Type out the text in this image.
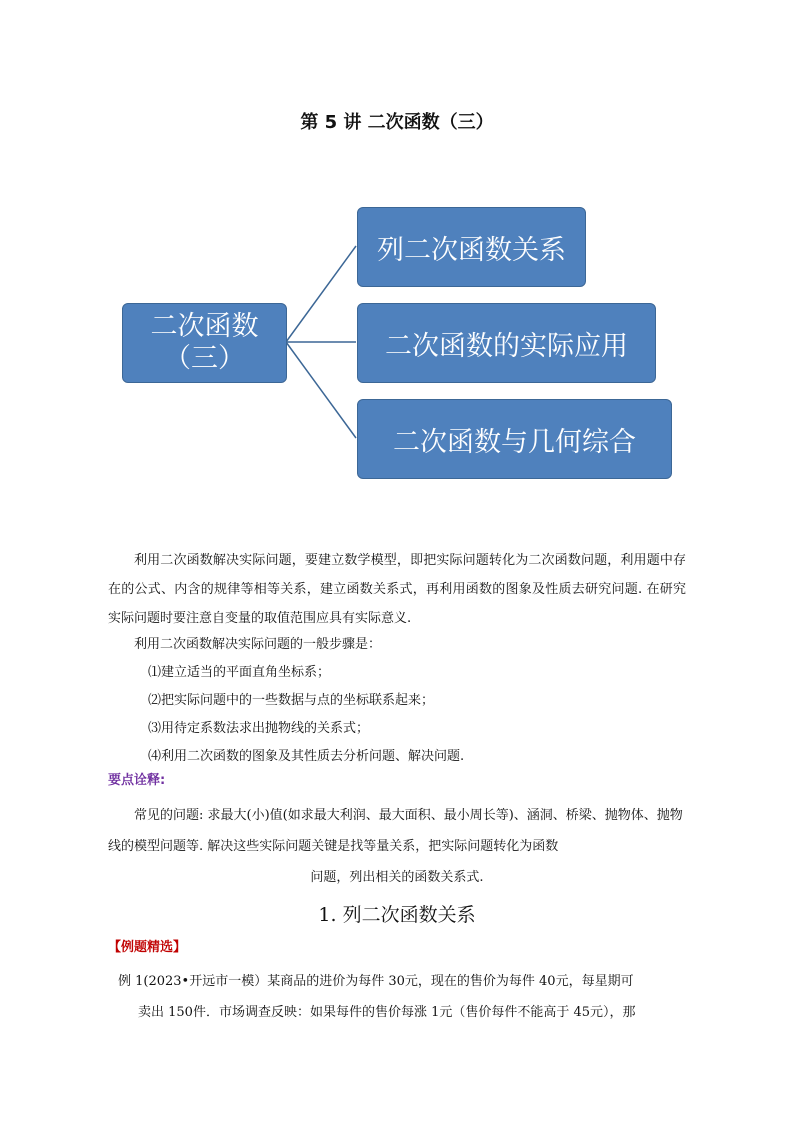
第 5 讲 二次函数（三）
二次函数（三）
列二次函数关系
二次函数的实际应用
二次函数与几何综合
利用二次函数解决实际问题，要建立数学模型，即把实际问题转化为二次函数问题，利用题中存在的公式、内含的规律等相等关系，建立函数关系式，再利用函数的图象及性质去研究问题. 在研究实际问题时要注意自变量的取值范围应具有实际意义.
利用二次函数解决实际问题的一般步骤是：
⑴建立适当的平面直角坐标系；
⑵把实际问题中的一些数据与点的坐标联系起来；
⑶用待定系数法求出抛物线的关系式；
⑷利用二次函数的图象及其性质去分析问题、解决问题.
要点诠释:
常见的问题: 求最大(小)值(如求最大利润、最大面积、最小周长等)、涵洞、桥梁、抛物体、抛物线的模型问题等. 解决这些实际问题关键是找等量关系，把实际问题转化为函数
问题，列出相关的函数关系式.
1. 列二次函数关系
【例题精选】
例 1(2023•开远市一模）某商品的进价为每件 30元，现在的售价为每件 40元，每星期可
卖出 150件．市场调查反映：如果每件的售价每涨 1元（售价每件不能高于 45元），那
